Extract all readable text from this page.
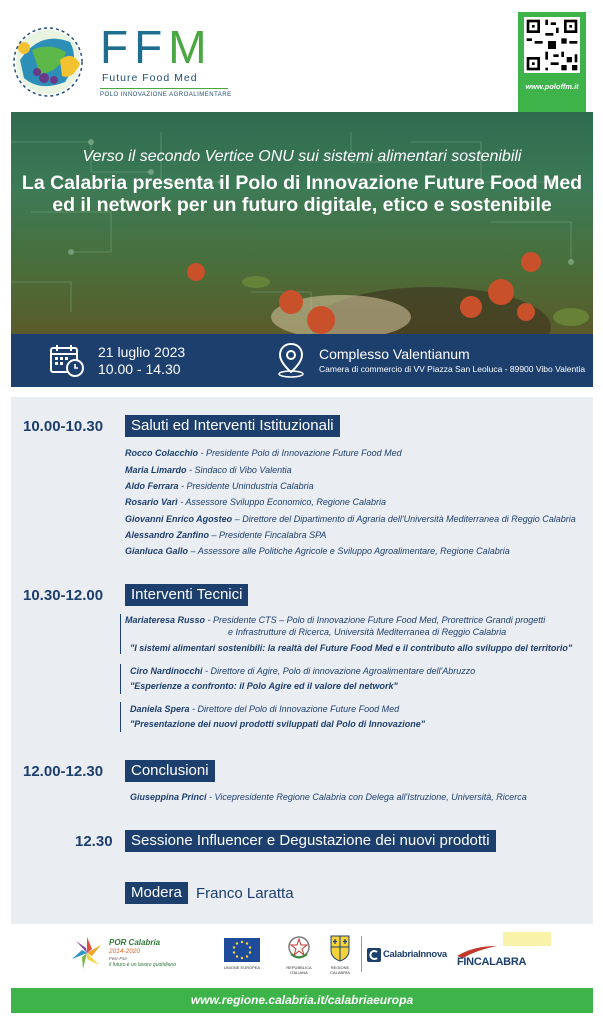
FFM
Future Food Med
POLO INNOVAZIONE AGROALIMENTARE
www.poloffm.it
Verso il secondo Vertice ONU sui sistemi alimentari sostenibili
La Calabria presenta il Polo di Innovazione Future Food Med
ed il network per un futuro digitale, etico e sostenibile
21 luglio 2023
10.00 - 14.30
Complesso Valentianum
Camera di commercio di VV Piazza San Leoluca - 89900 Vibo Valentia
10.00-10.30	Saluti ed Interventi Istituzionali
Rocco Colacchio - Presidente Polo di Innovazione Future Food Med
Maria Limardo - Sindaco di Vibo Valentia
Aldo Ferrara - Presidente Unindustria Calabria
Rosario Varì - Assessore Sviluppo Economico, Regione Calabria
Giovanni Enrico Agosteo – Direttore del Dipartimento di Agraria dell'Università Mediterranea di Reggio Calabria
Alessandro Zanfino – Presidente Fincalabra SPA
Gianluca Gallo – Assessore alle Politiche Agricole e Sviluppo Agroalimentare, Regione Calabria
10.30-12.00	Interventi Tecnici
Mariateresa Russo - Presidente CTS – Polo di Innovazione Future Food Med, Prorettrice Grandi progetti
e Infrastrutture di Ricerca, Università Mediterranea di Reggio Calabria
"I sistemi alimentari sostenibili: la realtà del Future Food Med e il contributo allo sviluppo del territorio"
Ciro Nardinocchi - Direttore di Agire, Polo di innovazione Agroalimentare dell'Abruzzo
"Esperienze a confronto: il Polo Agire ed il valore del network"
Daniela Spera - Direttore del Polo di Innovazione Future Food Med
"Presentazione dei nuovi prodotti sviluppati dal Polo di Innovazione"
12.00-12.30	Conclusioni
Giuseppina Princi - Vicepresidente Regione Calabria con Delega all'Istruzione, Università, Ricerca
12.30	Sessione Influencer e Degustazione dei nuovi prodotti
Modera Franco Laratta
POR Calabria
2014-2020
Fesr-Fse
il futuro è un lavoro quotidiano	UNIONE EUROPEA	REPUBBLICA ITALIANA
REGIONE CALABRIA
CalabriaInnova
FINCALABRA
www.regione.calabria.it/calabriaeuropa
